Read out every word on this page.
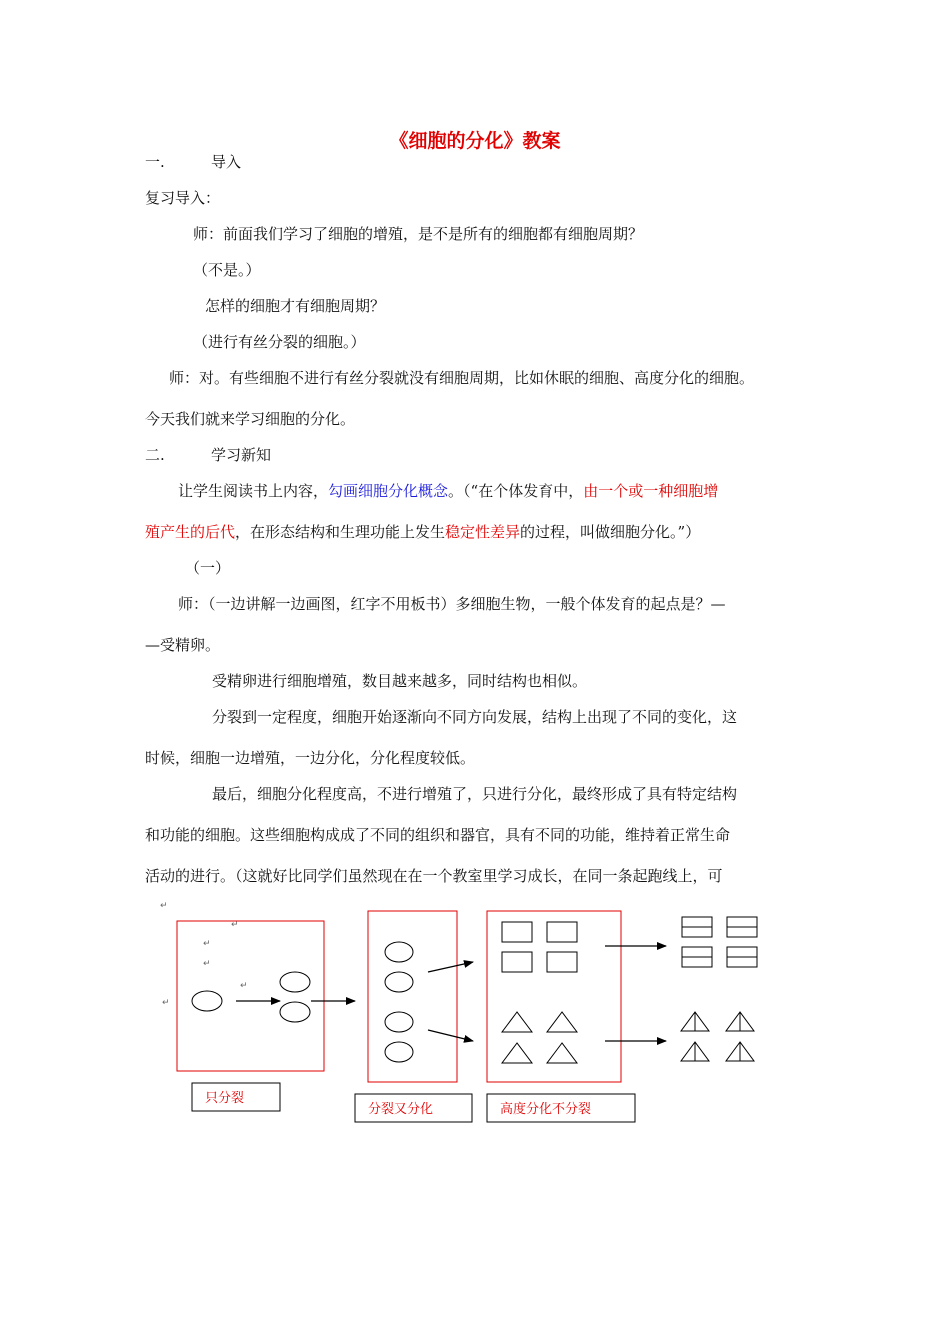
《细胞的分化》教案
一.	导入
复习导入：
师：前面我们学习了细胞的增殖，是不是所有的细胞都有细胞周期？
（不是。）
怎样的细胞才有细胞周期？
（进行有丝分裂的细胞。）
师：对。有些细胞不进行有丝分裂就没有细胞周期，比如休眠的细胞、高度分化的细胞。
今天我们就来学习细胞的分化。
二.	学习新知
让学生阅读书上内容，勾画细胞分化概念。（“在个体发育中，由一个或一种细胞增
殖产生的后代，在形态结构和生理功能上发生稳定性差异的过程，叫做细胞分化。”）
（一）
师：（一边讲解一边画图，红字不用板书）多细胞生物，一般个体发育的起点是？—
—受精卵。
受精卵进行细胞增殖，数目越来越多，同时结构也相似。
分裂到一定程度，细胞开始逐渐向不同方向发展，结构上出现了不同的变化，这
时候，细胞一边增殖，一边分化，分化程度较低。
最后，细胞分化程度高，不进行增殖了，只进行分化，最终形成了具有特定结构
和功能的细胞。这些细胞构成成了不同的组织和器官，具有不同的功能，维持着正常生命
活动的进行。（这就好比同学们虽然现在在一个教室里学习成长，在同一条起跑线上，可
↵
↵
↵
↵
↵
↵
只分裂
分裂又分化	高度分化不分裂
